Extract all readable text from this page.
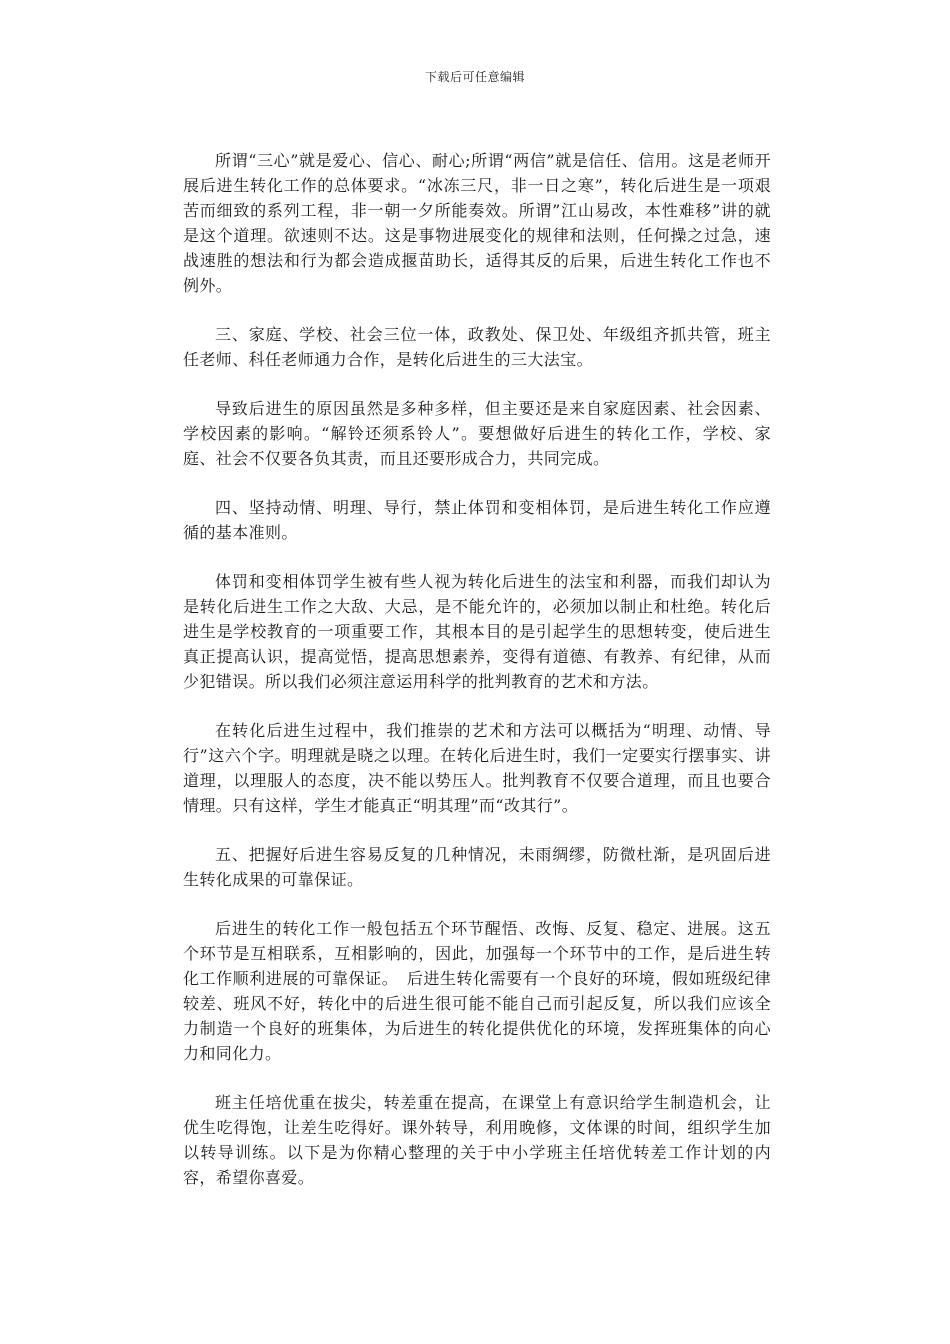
下载后可任意编辑

所谓“三心”就是爱心、信心、耐心;所谓“两信”就是信任、信用。这是老师开展后进生转化工作的总体要求。“冰冻三尺，非一日之寒”，转化后进生是一项艰苦而细致的系列工程，非一朝一夕所能奏效。所谓”江山易改，本性难移”讲的就是这个道理。欲速则不达。这是事物进展变化的规律和法则，任何操之过急，速战速胜的想法和行为都会造成揠苗助长，适得其反的后果，后进生转化工作也不例外。

三、家庭、学校、社会三位一体，政教处、保卫处、年级组齐抓共管，班主任老师、科任老师通力合作，是转化后进生的三大法宝。

导致后进生的原因虽然是多种多样，但主要还是来自家庭因素、社会因素、学校因素的影响。“解铃还须系铃人”。要想做好后进生的转化工作，学校、家庭、社会不仅要各负其责，而且还要形成合力，共同完成。

四、坚持动情、明理、导行，禁止体罚和变相体罚，是后进生转化工作应遵循的基本准则。

体罚和变相体罚学生被有些人视为转化后进生的法宝和利器，而我们却认为是转化后进生工作之大敌、大忌，是不能允许的，必须加以制止和杜绝。转化后进生是学校教育的一项重要工作，其根本目的是引起学生的思想转变，使后进生真正提高认识，提高觉悟，提高思想素养，变得有道德、有教养、有纪律，从而少犯错误。所以我们必须注意运用科学的批判教育的艺术和方法。

在转化后进生过程中，我们推崇的艺术和方法可以概括为“明理、动情、导行”这六个字。明理就是晓之以理。在转化后进生时，我们一定要实行摆事实、讲道理，以理服人的态度，决不能以势压人。批判教育不仅要合道理，而且也要合情理。只有这样，学生才能真正“明其理”而“改其行”。

五、把握好后进生容易反复的几种情况，未雨绸缪，防微杜渐，是巩固后进生转化成果的可靠保证。

后进生的转化工作一般包括五个环节醒悟、改悔、反复、稳定、进展。这五个环节是互相联系，互相影响的，因此，加强每一个环节中的工作，是后进生转化工作顺利进展的可靠保证。　后进生转化需要有一个良好的环境，假如班级纪律较差、班风不好，转化中的后进生很可能不能自己而引起反复，所以我们应该全力制造一个良好的班集体，为后进生的转化提供优化的环境，发挥班集体的向心力和同化力。

班主任培优重在拔尖，转差重在提高，在课堂上有意识给学生制造机会，让优生吃得饱，让差生吃得好。课外转导，利用晚修，文体课的时间，组织学生加以转导训练。以下是为你精心整理的关于中小学班主任培优转差工作计划的内容，希望你喜爱。
